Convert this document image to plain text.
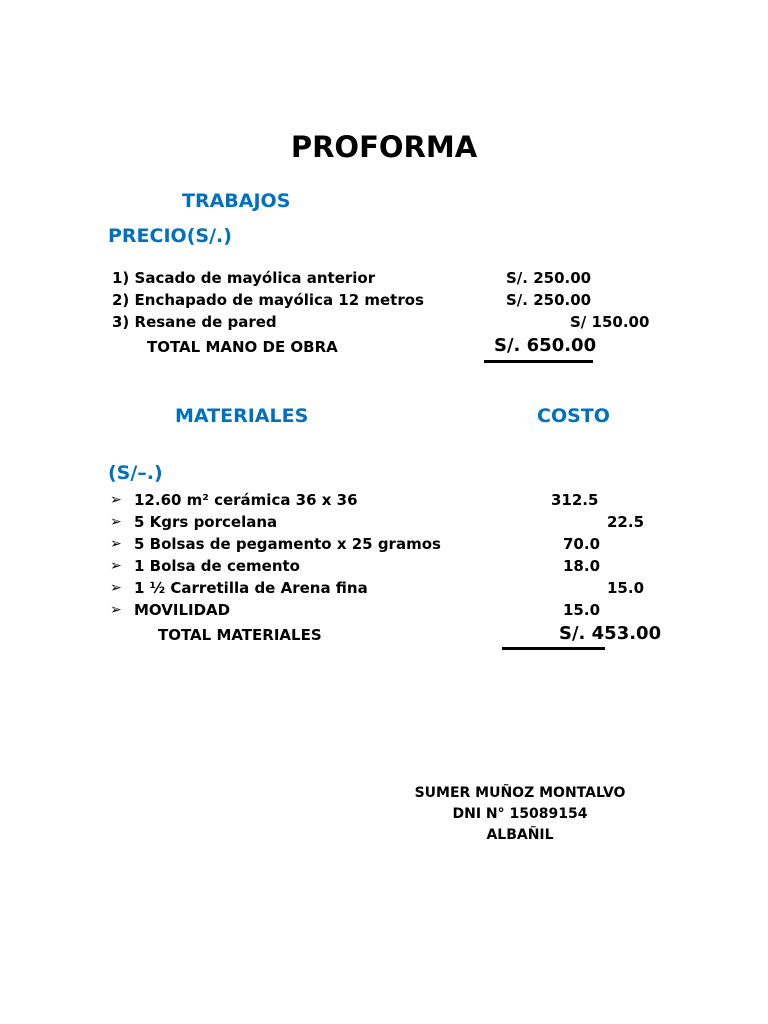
PROFORMA
TRABAJOS
PRECIO(S/.)
1) Sacado de mayólica anterior	S/. 250.00
2) Enchapado de mayólica 12 metros	S/. 250.00
3) Resane de pared	S/ 150.00
TOTAL MANO DE OBRA	S/. 650.00
MATERIALES	COSTO
(S/–.)
➢ 12.60 m² cerámica 36 x 36	312.5
➢ 5 Kgrs porcelana	22.5
➢ 5 Bolsas de pegamento x 25 gramos	70.0
➢ 1 Bolsa de cemento	18.0
➢ 1 ½ Carretilla de Arena fina	15.0
➢ MOVILIDAD	15.0
TOTAL MATERIALES	S/. 453.00
SUMER MUÑOZ MONTALVO
DNI N° 15089154
ALBAÑIL
